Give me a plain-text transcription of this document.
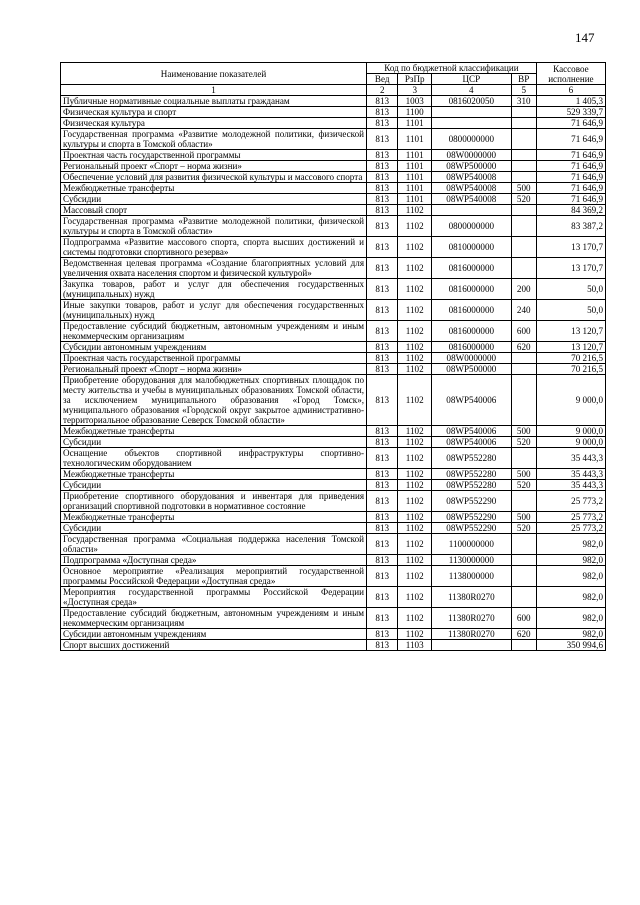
147
Наименование показателей	Код по бюджетной классификации				Кассовое исполнение
	Вед	РзПр	ЦСР	ВР	
1	2	3	4	5	6
Публичные нормативные социальные выплаты гражданам	813	1003	0816020050	310	1 405,3
Физическая культура и спорт	813	1100			529 339,7
Физическая культура	813	1101			71 646,9
Государственная программа «Развитие молодежной политики, физической культуры и спорта в Томской области»	813	1101	0800000000		71 646,9
Проектная часть государственной программы	813	1101	08W0000000		71 646,9
Региональный проект «Спорт – норма жизни»	813	1101	08WP500000		71 646,9
Обеспечение условий для развития физической культуры и массового спорта	813	1101	08WP540008		71 646,9
Межбюджетные трансферты	813	1101	08WP540008	500	71 646,9
Субсидии	813	1101	08WP540008	520	71 646,9
Массовый спорт	813	1102			84 369,2
Государственная программа «Развитие молодежной политики, физической культуры и спорта в Томской области»	813	1102	0800000000		83 387,2
Подпрограмма «Развитие массового спорта, спорта высших достижений и системы подготовки спортивного резерва»	813	1102	0810000000		13 170,7
Ведомственная целевая программа «Создание благоприятных условий для увеличения охвата населения спортом и физической культурой»	813	1102	0816000000		13 170,7
Закупка товаров, работ и услуг для обеспечения государственных (муниципальных) нужд	813	1102	0816000000	200	50,0
Иные закупки товаров, работ и услуг для обеспечения государственных (муниципальных) нужд	813	1102	0816000000	240	50,0
Предоставление субсидий бюджетным, автономным учреждениям и иным некоммерческим организациям	813	1102	0816000000	600	13 120,7
Субсидии автономным учреждениям	813	1102	0816000000	620	13 120,7
Проектная часть государственной программы	813	1102	08W0000000		70 216,5
Региональный проект «Спорт – норма жизни»	813	1102	08WP500000		70 216,5
Приобретение оборудования для малобюджетных спортивных площадок по месту жительства и учебы в муниципальных образованиях Томской области, за исключением муниципального образования «Город Томск», муниципального образования «Городской округ закрытое административно-территориальное образование Северск Томской области»	813	1102	08WP540006		9 000,0
Межбюджетные трансферты	813	1102	08WP540006	500	9 000,0
Субсидии	813	1102	08WP540006	520	9 000,0
Оснащение объектов спортивной инфраструктуры спортивно-технологическим оборудованием	813	1102	08WP552280		35 443,3
Межбюджетные трансферты	813	1102	08WP552280	500	35 443,3
Субсидии	813	1102	08WP552280	520	35 443,3
Приобретение спортивного оборудования и инвентаря для приведения организаций спортивной подготовки в нормативное состояние	813	1102	08WP552290		25 773,2
Межбюджетные трансферты	813	1102	08WP552290	500	25 773,2
Субсидии	813	1102	08WP552290	520	25 773,2
Государственная программа «Социальная поддержка населения Томской области»	813	1102	1100000000		982,0
Подпрограмма «Доступная среда»	813	1102	1130000000		982,0
Основное мероприятие «Реализация мероприятий государственной программы Российской Федерации «Доступная среда»	813	1102	1138000000		982,0
Мероприятия государственной программы Российской Федерации «Доступная среда»	813	1102	11380R0270		982,0
Предоставление субсидий бюджетным, автономным учреждениям и иным некоммерческим организациям	813	1102	11380R0270	600	982,0
Субсидии автономным учреждениям	813	1102	11380R0270	620	982,0
Спорт высших достижений	813	1103			350 994,6
